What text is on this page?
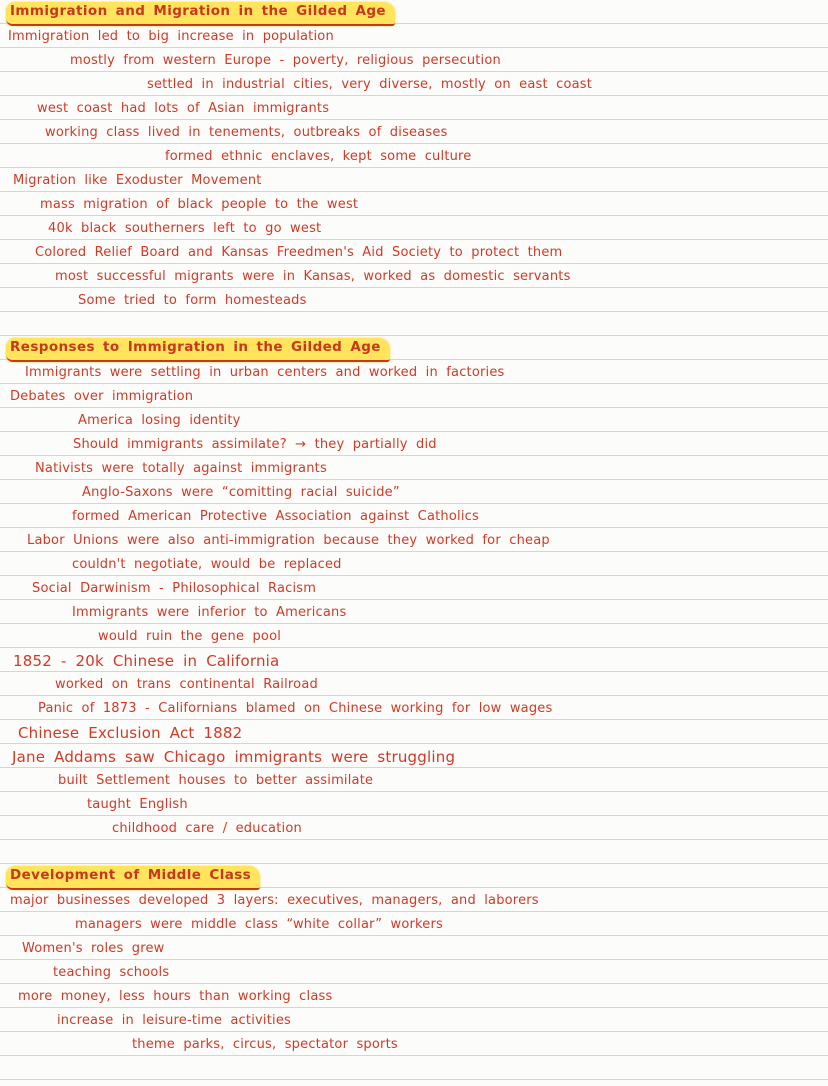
Immigration and Migration in the Gilded Age
Immigration led to big increase in population
mostly from western Europe - poverty, religious persecution
settled in industrial cities, very diverse, mostly on east coast
west coast had lots of Asian immigrants
working class lived in tenements, outbreaks of diseases
formed ethnic enclaves, kept some culture
Migration like Exoduster Movement
mass migration of black people to the west
40k black southerners left to go west
Colored Relief Board and Kansas Freedmen's Aid Society to protect them
most successful migrants were in Kansas, worked as domestic servants
Some tried to form homesteads
Responses to Immigration in the Gilded Age
Immigrants were settling in urban centers and worked in factories
Debates over immigration
America losing identity
Should immigrants assimilate? → they partially did
Nativists were totally against immigrants
Anglo-Saxons were “comitting racial suicide”
formed American Protective Association against Catholics
Labor Unions were also anti-immigration because they worked for cheap
couldn't negotiate, would be replaced
Social Darwinism - Philosophical Racism
Immigrants were inferior to Americans
would ruin the gene pool
1852 - 20k Chinese in California
worked on trans continental Railroad
Panic of 1873 - Californians blamed on Chinese working for low wages
Chinese Exclusion Act 1882
Jane Addams saw Chicago immigrants were struggling
built Settlement houses to better assimilate
taught English
childhood care / education
Development of Middle Class
major businesses developed 3 layers: executives, managers, and laborers
managers were middle class “white collar” workers
Women's roles grew
teaching schools
more money, less hours than working class
increase in leisure-time activities
theme parks, circus, spectator sports
